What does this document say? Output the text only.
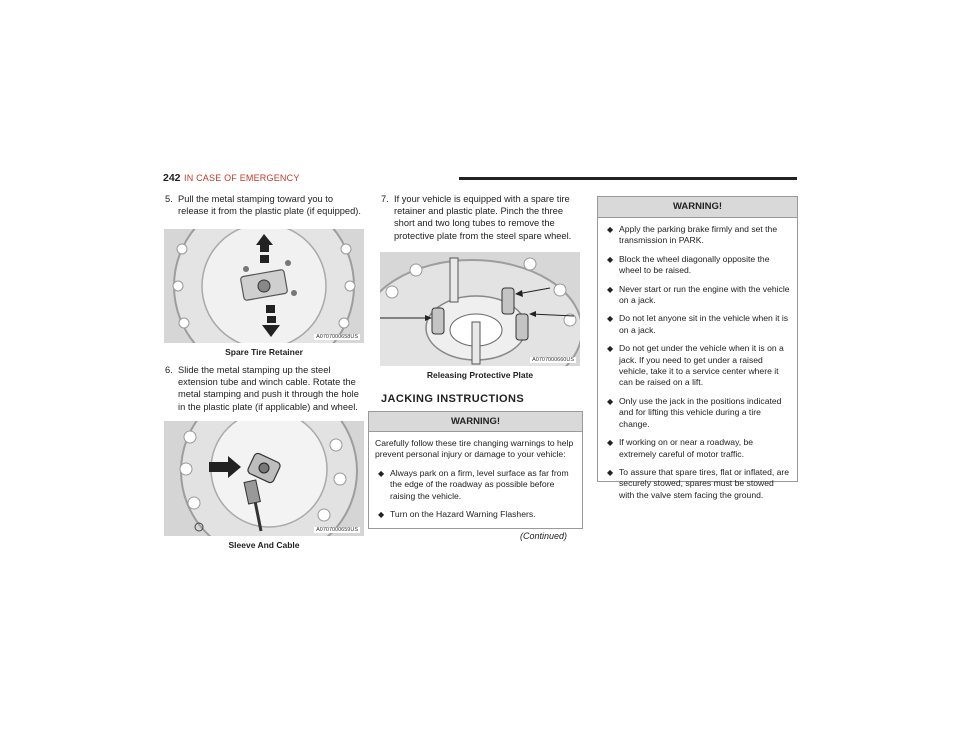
242 IN CASE OF EMERGENCY
5. Pull the metal stamping toward you to release it from the plastic plate (if equipped).
A0707000658US
Spare Tire Retainer
6. Slide the metal stamping up the steel extension tube and winch cable. Rotate the metal stamping and push it through the hole in the plastic plate (if applicable) and wheel.
A0707000659US
Sleeve And Cable
7. If your vehicle is equipped with a spare tire retainer and plastic plate. Pinch the three short and two long tubes to remove the protective plate from the steel spare wheel.
A0707000660US
Releasing Protective Plate
JACKING INSTRUCTIONS
WARNING!
Carefully follow these tire changing warnings to help prevent personal injury or damage to your vehicle:
◆ Always park on a firm, level surface as far from the edge of the roadway as possible before raising the vehicle.
◆ Turn on the Hazard Warning Flashers.
(Continued)
WARNING!
◆ Apply the parking brake firmly and set the transmission in PARK.
◆ Block the wheel diagonally opposite the wheel to be raised.
◆ Never start or run the engine with the vehicle on a jack.
◆ Do not let anyone sit in the vehicle when it is on a jack.
◆ Do not get under the vehicle when it is on a jack. If you need to get under a raised vehicle, take it to a service center where it can be raised on a lift.
◆ Only use the jack in the positions indicated and for lifting this vehicle during a tire change.
◆ If working on or near a roadway, be extremely careful of motor traffic.
◆ To assure that spare tires, flat or inflated, are securely stowed, spares must be stowed with the valve stem facing the ground.
